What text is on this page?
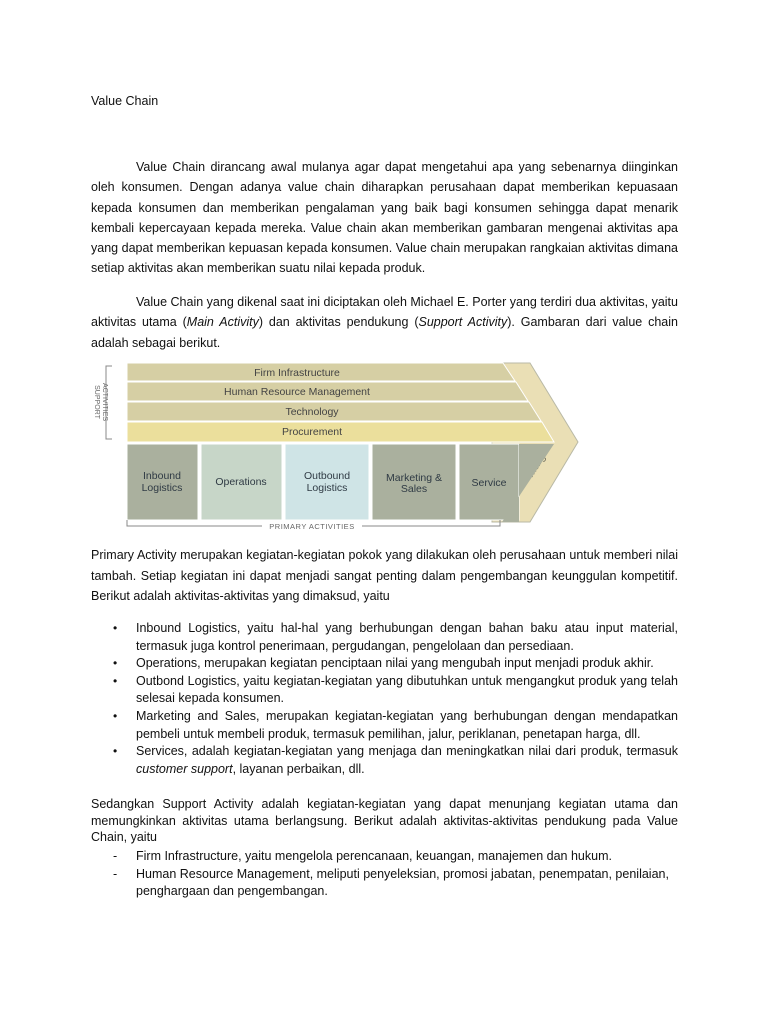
Value Chain

Value Chain dirancang awal mulanya agar dapat mengetahui apa yang sebenarnya diinginkan oleh konsumen. Dengan adanya value chain diharapkan perusahaan dapat memberikan kepuasaan kepada konsumen dan memberikan pengalaman yang baik bagi konsumen sehingga dapat menarik kembali kepercayaan kepada mereka. Value chain akan memberikan gambaran mengenai aktivitas apa yang dapat memberikan kepuasan kepada konsumen. Value chain merupakan rangkaian aktivitas dimana setiap aktivitas akan memberikan suatu nilai kepada produk.

Value Chain yang dikenal saat ini diciptakan oleh Michael E. Porter yang terdiri dua aktivitas, yaitu aktivitas utama (Main Activity) dan aktivitas pendukung (Support Activity). Gambaran dari value chain adalah sebagai berikut.

Firm Infrastructure
Human Resource Management
Technology
Procurement
SUPPORT ACTIVITIES
Inbound
Logistics	Operations	Outbound
Logistics
Marketing &
Sales	Service
PRIMARY ACTIVITIES

Primary Activity merupakan kegiatan-kegiatan pokok yang dilakukan oleh perusahaan untuk memberi nilai tambah. Setiap kegiatan ini dapat menjadi sangat penting dalam pengembangan keunggulan kompetitif. Berikut adalah aktivitas-aktivitas yang dimaksud, yaitu

• Inbound Logistics, yaitu hal-hal yang berhubungan dengan bahan baku atau input material, termasuk juga kontrol penerimaan, pergudangan, pengelolaan dan persediaan.
• Operations, merupakan kegiatan penciptaan nilai yang mengubah input menjadi produk akhir.
• Outbond Logistics, yaitu kegiatan-kegiatan yang dibutuhkan untuk mengangkut produk yang telah selesai kepada konsumen.
• Marketing and Sales, merupakan kegiatan-kegiatan yang berhubungan dengan mendapatkan pembeli untuk membeli produk, termasuk pemilihan, jalur, periklanan, penetapan harga, dll.
• Services, adalah kegiatan-kegiatan yang menjaga dan meningkatkan nilai dari produk, termasuk customer support, layanan perbaikan, dll.

Sedangkan Support Activity adalah kegiatan-kegiatan yang dapat menunjang kegiatan utama dan memungkinkan aktivitas utama berlangsung. Berikut adalah aktivitas-aktivitas pendukung pada Value Chain, yaitu

- Firm Infrastructure, yaitu mengelola perencanaan, keuangan, manajemen dan hukum.
- Human Resource Management, meliputi penyeleksian, promosi jabatan, penempatan, penilaian, penghargaan dan pengembangan.
